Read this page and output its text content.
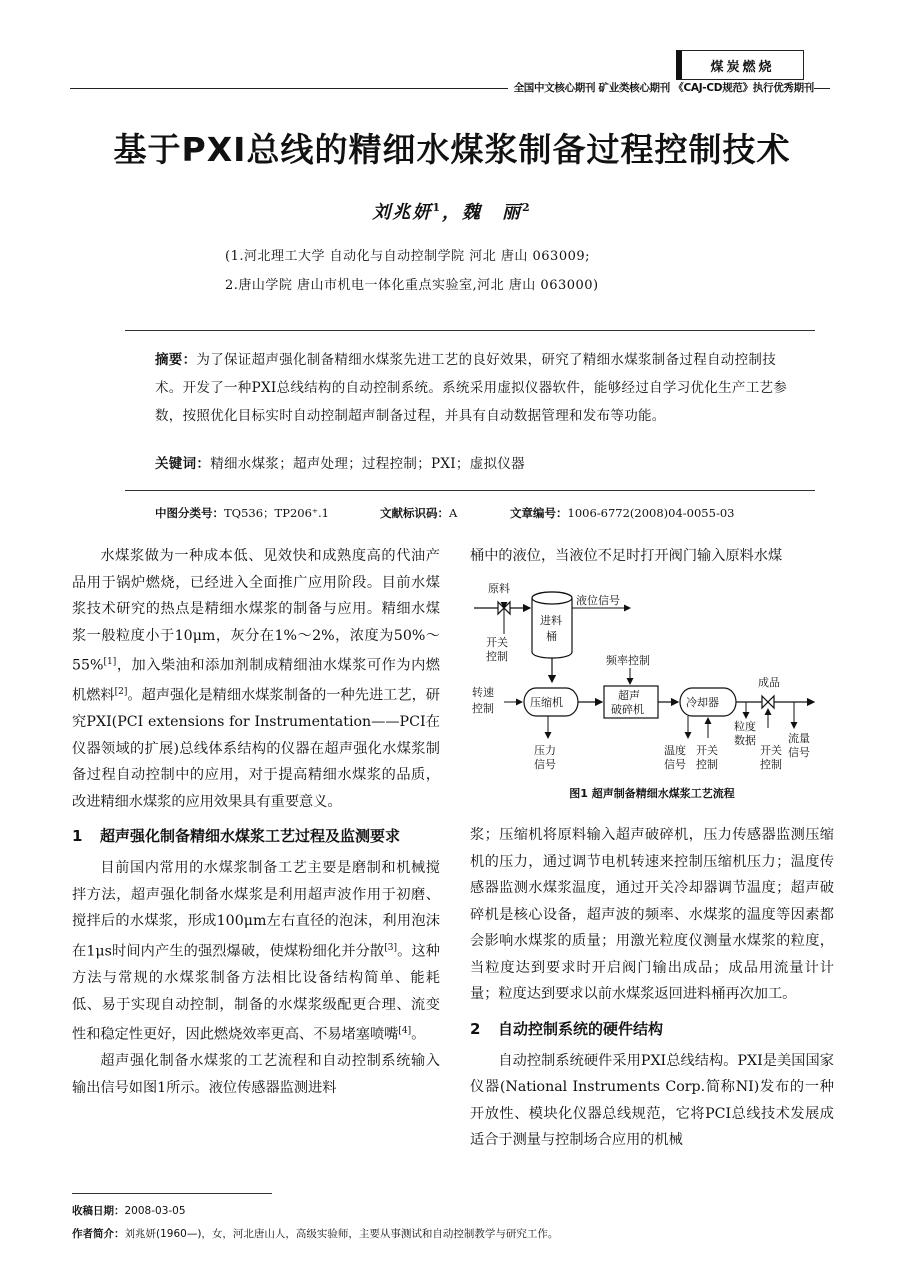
煤炭燃烧
全国中文核心期刊 矿业类核心期刊 《CAJ-CD规范》执行优秀期刊
基于PXI总线的精细水煤浆制备过程控制技术
刘兆妍$^1$，魏　丽$^2$
(1.河北理工大学 自动化与自动控制学院 河北 唐山 063009;
2.唐山学院 唐山市机电一体化重点实验室,河北 唐山 063000)
摘要：为了保证超声强化制备精细水煤浆先进工艺的良好效果，研究了精细水煤浆制备过程自动控制技术。开发了一种PXI总线结构的自动控制系统。系统采用虚拟仪器软件，能够经过自学习优化生产工艺参数，按照优化目标实时自动控制超声制备过程，并具有自动数据管理和发布等功能。
关键词：精细水煤浆；超声处理；过程控制；PXI；虚拟仪器
中图分类号：TQ536；TP206⁺.1	文献标识码：A	文章编号：1006-6772(2008)04-0055-03

水煤浆做为一种成本低、见效快和成熟度高的代油产品用于锅炉燃烧，已经进入全面推广应用阶段。目前水煤浆技术研究的热点是精细水煤浆的制备与应用。精细水煤浆一般粒度小于10μm，灰分在1%～2%，浓度为50%～55%[1]，加入柴油和添加剂制成精细油水煤浆可作为内燃机燃料[2]。超声强化是精细水煤浆制备的一种先进工艺，研究PXI(PCI extensions for Instrumentation——PCI在仪器领域的扩展)总线体系结构的仪器在超声强化水煤浆制备过程自动控制中的应用，对于提高精细水煤浆的品质，改进精细水煤浆的应用效果具有重要意义。

1 超声强化制备精细水煤浆工艺过程及监测要求

目前国内常用的水煤浆制备工艺主要是磨制和机械搅拌方法，超声强化制备水煤浆是利用超声波作用于初磨、搅拌后的水煤浆，形成100μm左右直径的泡沫，利用泡沫在1μs时间内产生的强烈爆破，使煤粉细化并分散[3]。这种方法与常规的水煤浆制备方法相比设备结构简单、能耗低、易于实现自动控制，制备的水煤浆级配更合理、流变性和稳定性更好，因此燃烧效率更高、不易堵塞喷嘴[4]。

超声强化制备水煤浆的工艺流程和自动控制系统输入输出信号如图1所示。液位传感器监测进料

桶中的液位，当液位不足时打开阀门输入原料水煤

原料
开关
控制
进料
桶
液位信号
频率控制
转速
控制	压缩机
压力
信号
超声
破碎机
冷却器
温度
信号
开关
控制
成品
粒度
数据
开关
控制
流量
信号
图1 超声制备精细水煤浆工艺流程

浆；压缩机将原料输入超声破碎机，压力传感器监测压缩机的压力，通过调节电机转速来控制压缩机压力；温度传感器监测水煤浆温度，通过开关冷却器调节温度；超声破碎机是核心设备，超声波的频率、水煤浆的温度等因素都会影响水煤浆的质量；用激光粒度仪测量水煤浆的粒度，当粒度达到要求时开启阀门输出成品；成品用流量计计量；粒度达到要求以前水煤浆返回进料桶再次加工。

2 自动控制系统的硬件结构

自动控制系统硬件采用PXI总线结构。PXI是美国国家仪器(National Instruments Corp.简称NI)发布的一种开放性、模块化仪器总线规范，它将PCI总线技术发展成适合于测量与控制场合应用的机械

收稿日期：2008-03-05
作者简介：刘兆妍(1960—)，女，河北唐山人，高级实验师，主要从事测试和自动控制教学与研究工作。
